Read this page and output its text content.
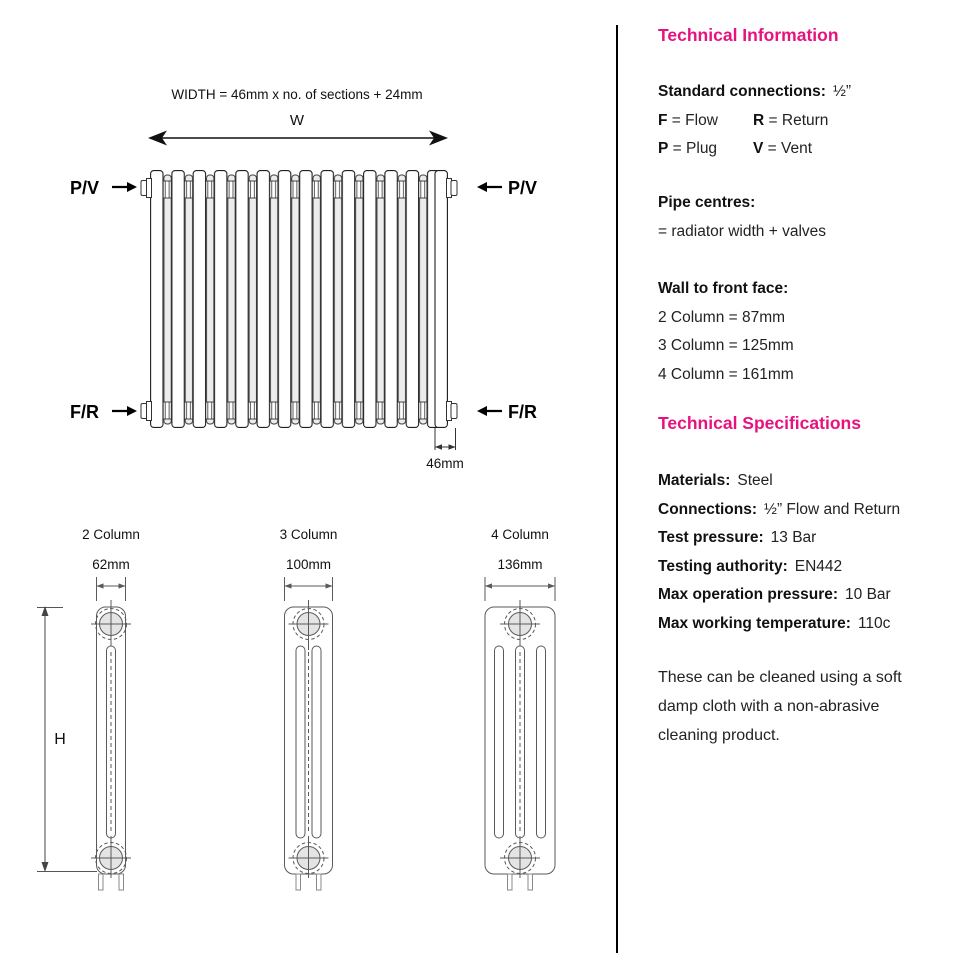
WIDTH = 46mm x no. of sections + 24mm
W
P/V	P/V
F/R	F/R
46mm
H
2 Column
62mm
3 Column
100mm
4 Column
136mm
Technical Information
Standard connections: ½”
F = Flow R = Return
P = Plug V = Vent
Pipe centres:
= radiator width + valves
Wall to front face:
2 Column = 87mm
3 Column = 125mm
4 Column = 161mm
Technical Specifications
Materials: Steel
Connections: ½” Flow and Return
Test pressure: 13 Bar
Testing authority: EN442
Max operation pressure: 10 Bar
Max working temperature: 110c

These can be cleaned using a soft damp cloth with a non-abrasive cleaning product.
